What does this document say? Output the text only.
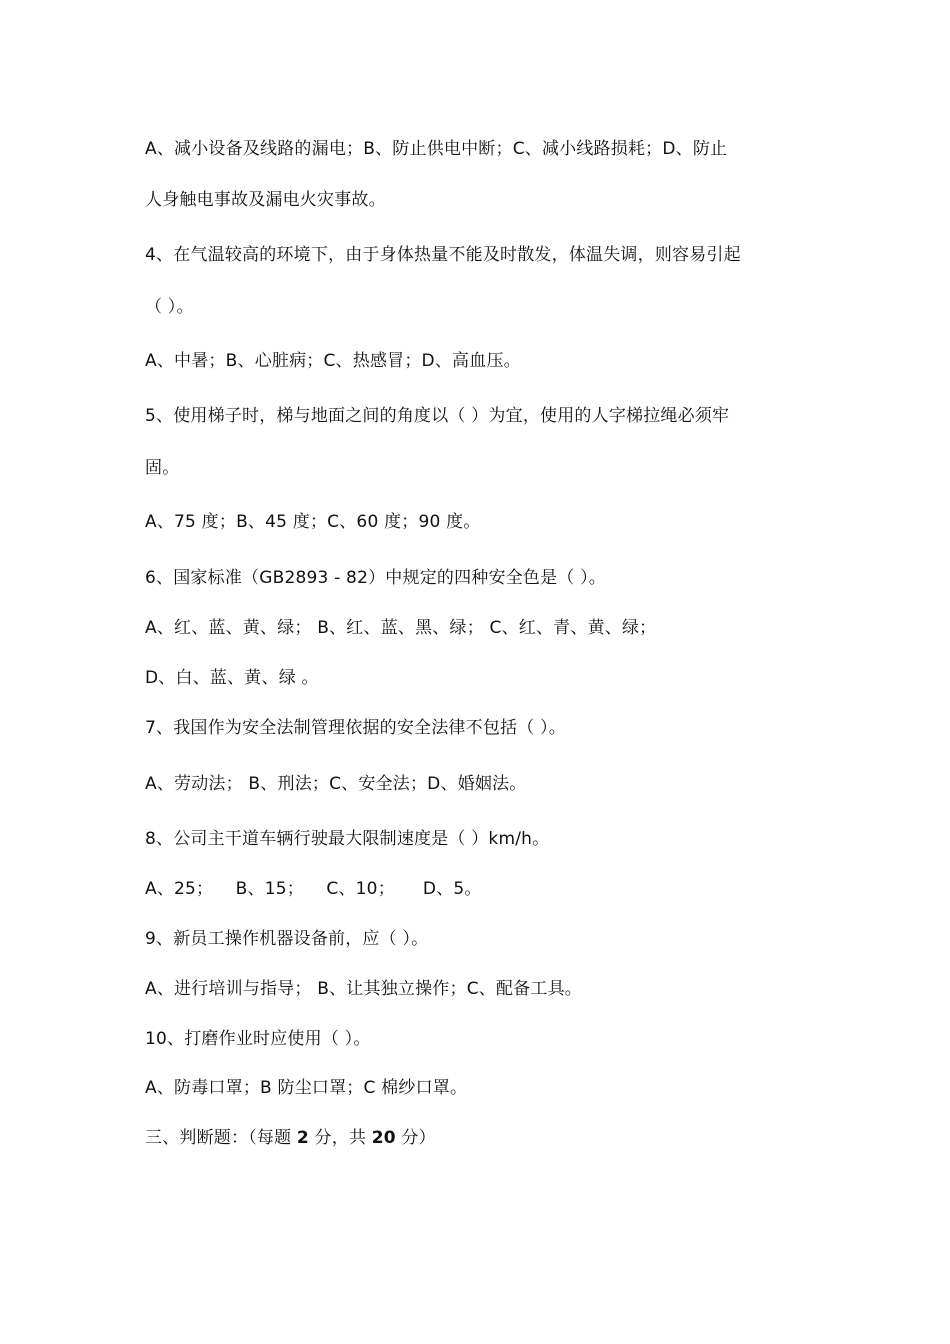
A、减小设备及线路的漏电；B、防止供电中断；C、减小线路损耗；D、防止
人身触电事故及漏电火灾事故。
4、在气温较高的环境下，由于身体热量不能及时散发，体温失调，则容易引起
（ ）。
A、中暑；B、心脏病；C、热感冒；D、高血压。
5、使用梯子时，梯与地面之间的角度以（ ）为宜，使用的人字梯拉绳必须牢
固。
A、75 度；B、45 度；C、60 度；90 度。
6、国家标准（GB2893 - 82）中规定的四种安全色是（ ）。
A、红、蓝、黄、绿； B、红、蓝、黑、绿； C、红、青、黄、绿；
D、白、蓝、黄、绿 。
7、我国作为安全法制管理依据的安全法律不包括（ ）。
A、劳动法； B、刑法；C、安全法；D、婚姻法。
8、公司主干道车辆行驶最大限制速度是（ ）km/h。
A、25；    B、15；    C、10；     D、5。
9、新员工操作机器设备前，应（ ）。
A、进行培训与指导； B、让其独立操作；C、配备工具。
10、打磨作业时应使用（ ）。
A、防毒口罩；B 防尘口罩；C 棉纱口罩。
三、判断题：（每题 2 分，共 20 分）
